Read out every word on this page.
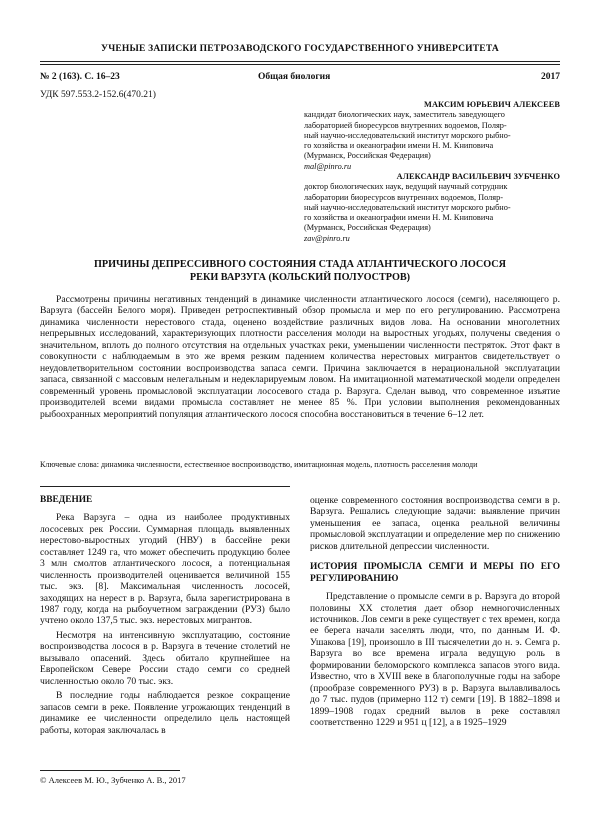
УЧЕНЫЕ ЗАПИСКИ ПЕТРОЗАВОДСКОГО ГОСУДАРСТВЕННОГО УНИВЕРСИТЕТА
№ 2 (163). С. 16–23	Общая биология	2017
УДК 597.553.2-152.6(470.21)
МАКСИМ ЮРЬЕВИЧ АЛЕКСЕЕВ
кандидат биологических наук, заместитель заведующего
лабораторией биоресурсов внутренних водоемов, Поляр-
ный научно-исследовательский институт морского рыбно-
го хозяйства и океанографии имени Н. М. Книповича
(Мурманск, Российская Федерация)
mal@pinro.ru
АЛЕКСАНДР ВАСИЛЬЕВИЧ ЗУБЧЕНКО
доктор биологических наук, ведущий научный сотрудник
лаборатории биоресурсов внутренних водоемов, Поляр-
ный научно-исследовательский институт морского рыбно-
го хозяйства и океанографии имени Н. М. Книповича
(Мурманск, Российская Федерация)
zav@pinro.ru
ПРИЧИНЫ ДЕПРЕССИВНОГО СОСТОЯНИЯ СТАДА АТЛАНТИЧЕСКОГО ЛОСОСЯ
РЕКИ ВАРЗУГА (КОЛЬСКИЙ ПОЛУОСТРОВ)

Рассмотрены причины негативных тенденций в динамике численности атлантического лосося (семги), населяющего р. Варзуга (бассейн Белого моря). Приведен ретроспективный обзор промысла и мер по его регулированию. Рассмотрена динамика численности нерестового стада, оценено воздействие различных видов лова. На основании многолетних непрерывных исследований, характеризующих плотности расселения молоди на выростных угодьях, получены сведения о значительном, вплоть до полного отсутствия на отдельных участках реки, уменьшении численности пестряток. Этот факт в совокупности с наблюдаемым в это же время резким падением количества нерестовых мигрантов свидетельствует о неудовлетворительном состоянии воспроизводства запаса семги. Причина заключается в нерациональной эксплуатации запаса, связанной с массовым нелегальным и недекларируемым ловом. На имитационной математической модели определен современный уровень промысловой эксплуатации лососевого стада р. Варзуга. Сделан вывод, что современное изъятие производителей всеми видами промысла составляет не менее 85 %. При условии выполнения рекомендованных рыбоохранных мероприятий популяция атлантического лосося способна восстановиться в течение 6–12 лет.

Ключевые слова: динамика численности, естественное воспроизводство, имитационная модель, плотность расселения молоди
ВВЕДЕНИЕ

Река Варзуга – одна из наиболее продуктивных лососевых рек России. Суммарная площадь выявленных нерестово-выростных угодий (НВУ) в бассейне реки составляет 1249 га, что может обеспечить продукцию более 3 млн смолтов атлантического лосося, а потенциальная численность производителей оценивается величиной 155 тыс. экз. [8]. Максимальная численность лососей, заходящих на нерест в р. Варзуга, была зарегистрирована в 1987 году, когда на рыбоучетном заграждении (РУЗ) было учтено около 137,5 тыс. экз. нерестовых мигрантов.

Несмотря на интенсивную эксплуатацию, состояние воспроизводства лосося в р. Варзуга в течение столетий не вызывало опасений. Здесь обитало крупнейшее на Европейском Севере России стадо семги со средней численностью около 70 тыс. экз.

В последние годы наблюдается резкое сокращение запасов семги в реке. Появление угрожающих тенденций в динамике ее численности определило цель настоящей работы, которая заключалась в

оценке современного состояния воспроизводства семги в р. Варзуга. Решались следующие задачи: выявление причин уменьшения ее запаса, оценка реальной величины промысловой эксплуатации и определение мер по снижению рисков длительной депрессии численности.

ИСТОРИЯ ПРОМЫСЛА СЕМГИ И МЕРЫ ПО ЕГО РЕГУЛИРОВАНИЮ

Представление о промысле семги в р. Варзуга до второй половины XX столетия дает обзор немногочисленных источников. Лов семги в реке существует с тех времен, когда ее берега начали заселять люди, что, по данным И. Ф. Ушакова [19], произошло в III тысячелетии до н. э. Семга р. Варзуга во все времена играла ведущую роль в формировании беломорского комплекса запасов этого вида. Известно, что в XVIII веке в благополучные годы на заборе (прообразе современного РУЗ) в р. Варзуга вылавливалось до 7 тыс. пудов (примерно 112 т) семги [19]. В 1882–1898 и 1899–1908 годах средний вылов в реке составлял соответственно 1229 и 951 ц [12], а в 1925–1929

© Алексеев М. Ю., Зубченко А. В., 2017
